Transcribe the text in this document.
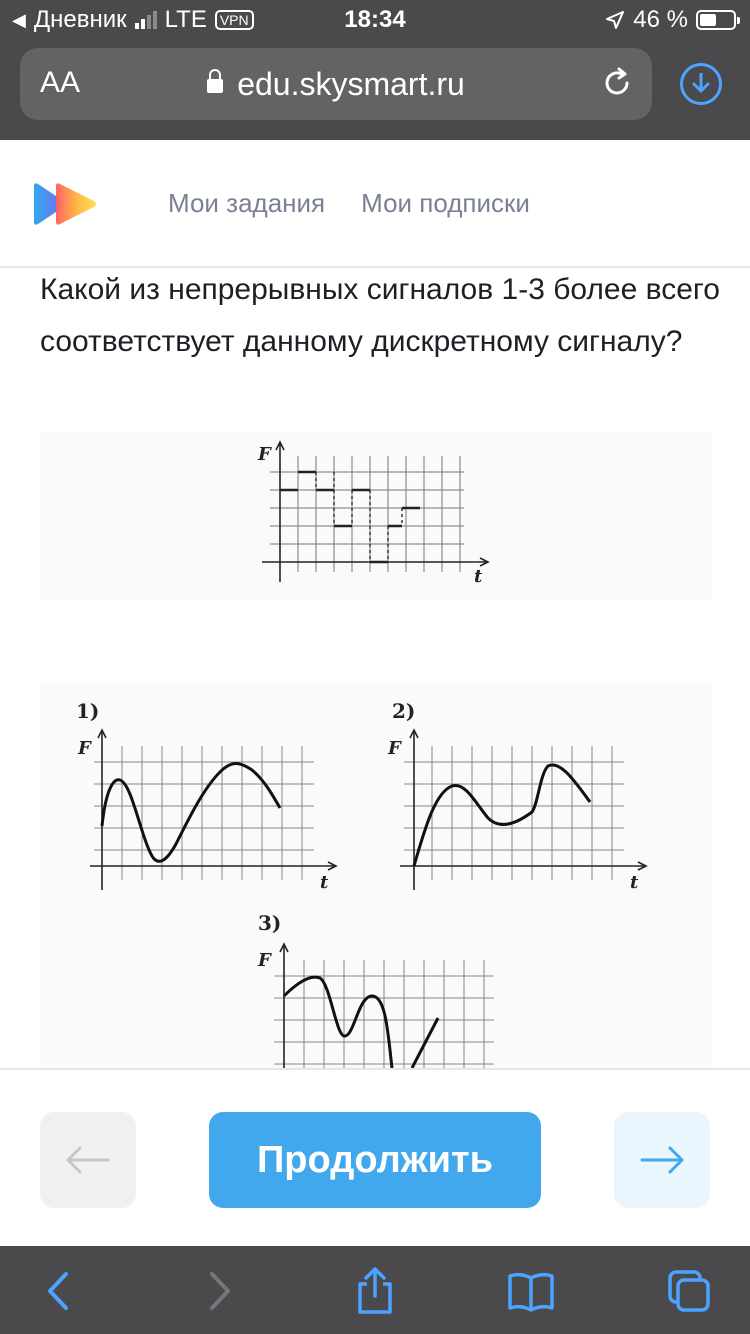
◀ Дневник LTE VPN	18:34	46 %
AA	edu.skysmart.ru
Мои задания Мои подписки
Какой из непрерывных сигналов 1-3 более всего соответствует данному дискретному сигналу?
F
t
1)
F
t
2)
F
t
3)
F
Продолжить
